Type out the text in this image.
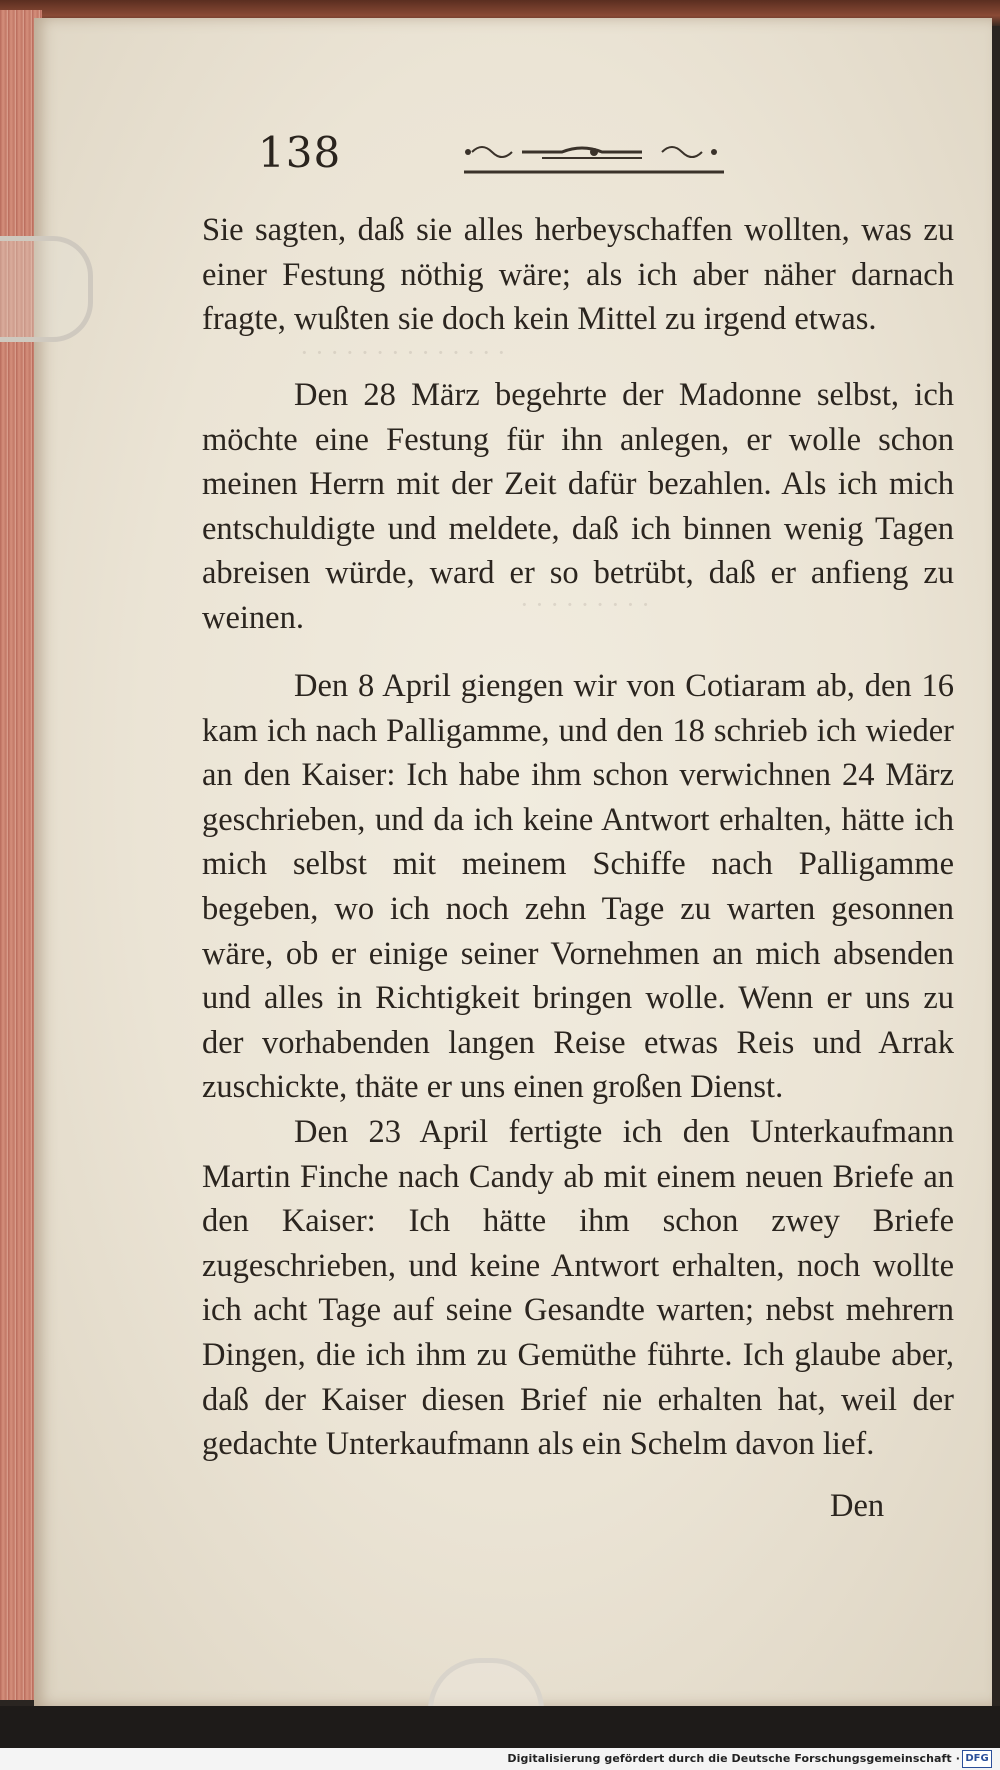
· · · · · · · · · · · · · ·
· · · · · · · · ·
138

Sie sagten, daß sie alles herbeyschaffen wollten, was zu einer Festung nöthig wäre; als ich aber näher darnach fragte, wußten sie doch kein Mittel zu irgend etwas.

Den 28 März begehrte der Madonne selbst, ich möchte eine Festung für ihn anlegen, er wolle schon meinen Herrn mit der Zeit dafür bezahlen. Als ich mich entschuldigte und meldete, daß ich binnen wenig Tagen abreisen würde, ward er so betrübt, daß er anfieng zu weinen.

Den 8 April giengen wir von Cotiaram ab, den 16 kam ich nach Palligamme, und den 18 schrieb ich wieder an den Kaiser: Ich habe ihm schon verwichnen 24 März geschrieben, und da ich keine Antwort erhalten, hätte ich mich selbst mit meinem Schiffe nach Palligamme begeben, wo ich noch zehn Tage zu warten gesonnen wäre, ob er einige seiner Vornehmen an mich absenden und alles in Richtigkeit bringen wolle. Wenn er uns zu der vorhabenden langen Reise etwas Reis und Arrak zuschickte, thäte er uns einen großen Dienst.

Den 23 April fertigte ich den Unterkaufmann Martin Finche nach Candy ab mit einem neuen Briefe an den Kaiser: Ich hätte ihm schon zwey Briefe zugeschrieben, und keine Antwort erhalten, noch wollte ich acht Tage auf seine Gesandte warten; nebst mehrern Dingen, die ich ihm zu Gemüthe führte. Ich glaube aber, daß der Kaiser diesen Brief nie erhalten hat, weil der gedachte Unterkaufmann als ein Schelm davon lief.

Den
Digitalisierung gefördert durch die Deutsche Forschungsgemeinschaft · DFG
